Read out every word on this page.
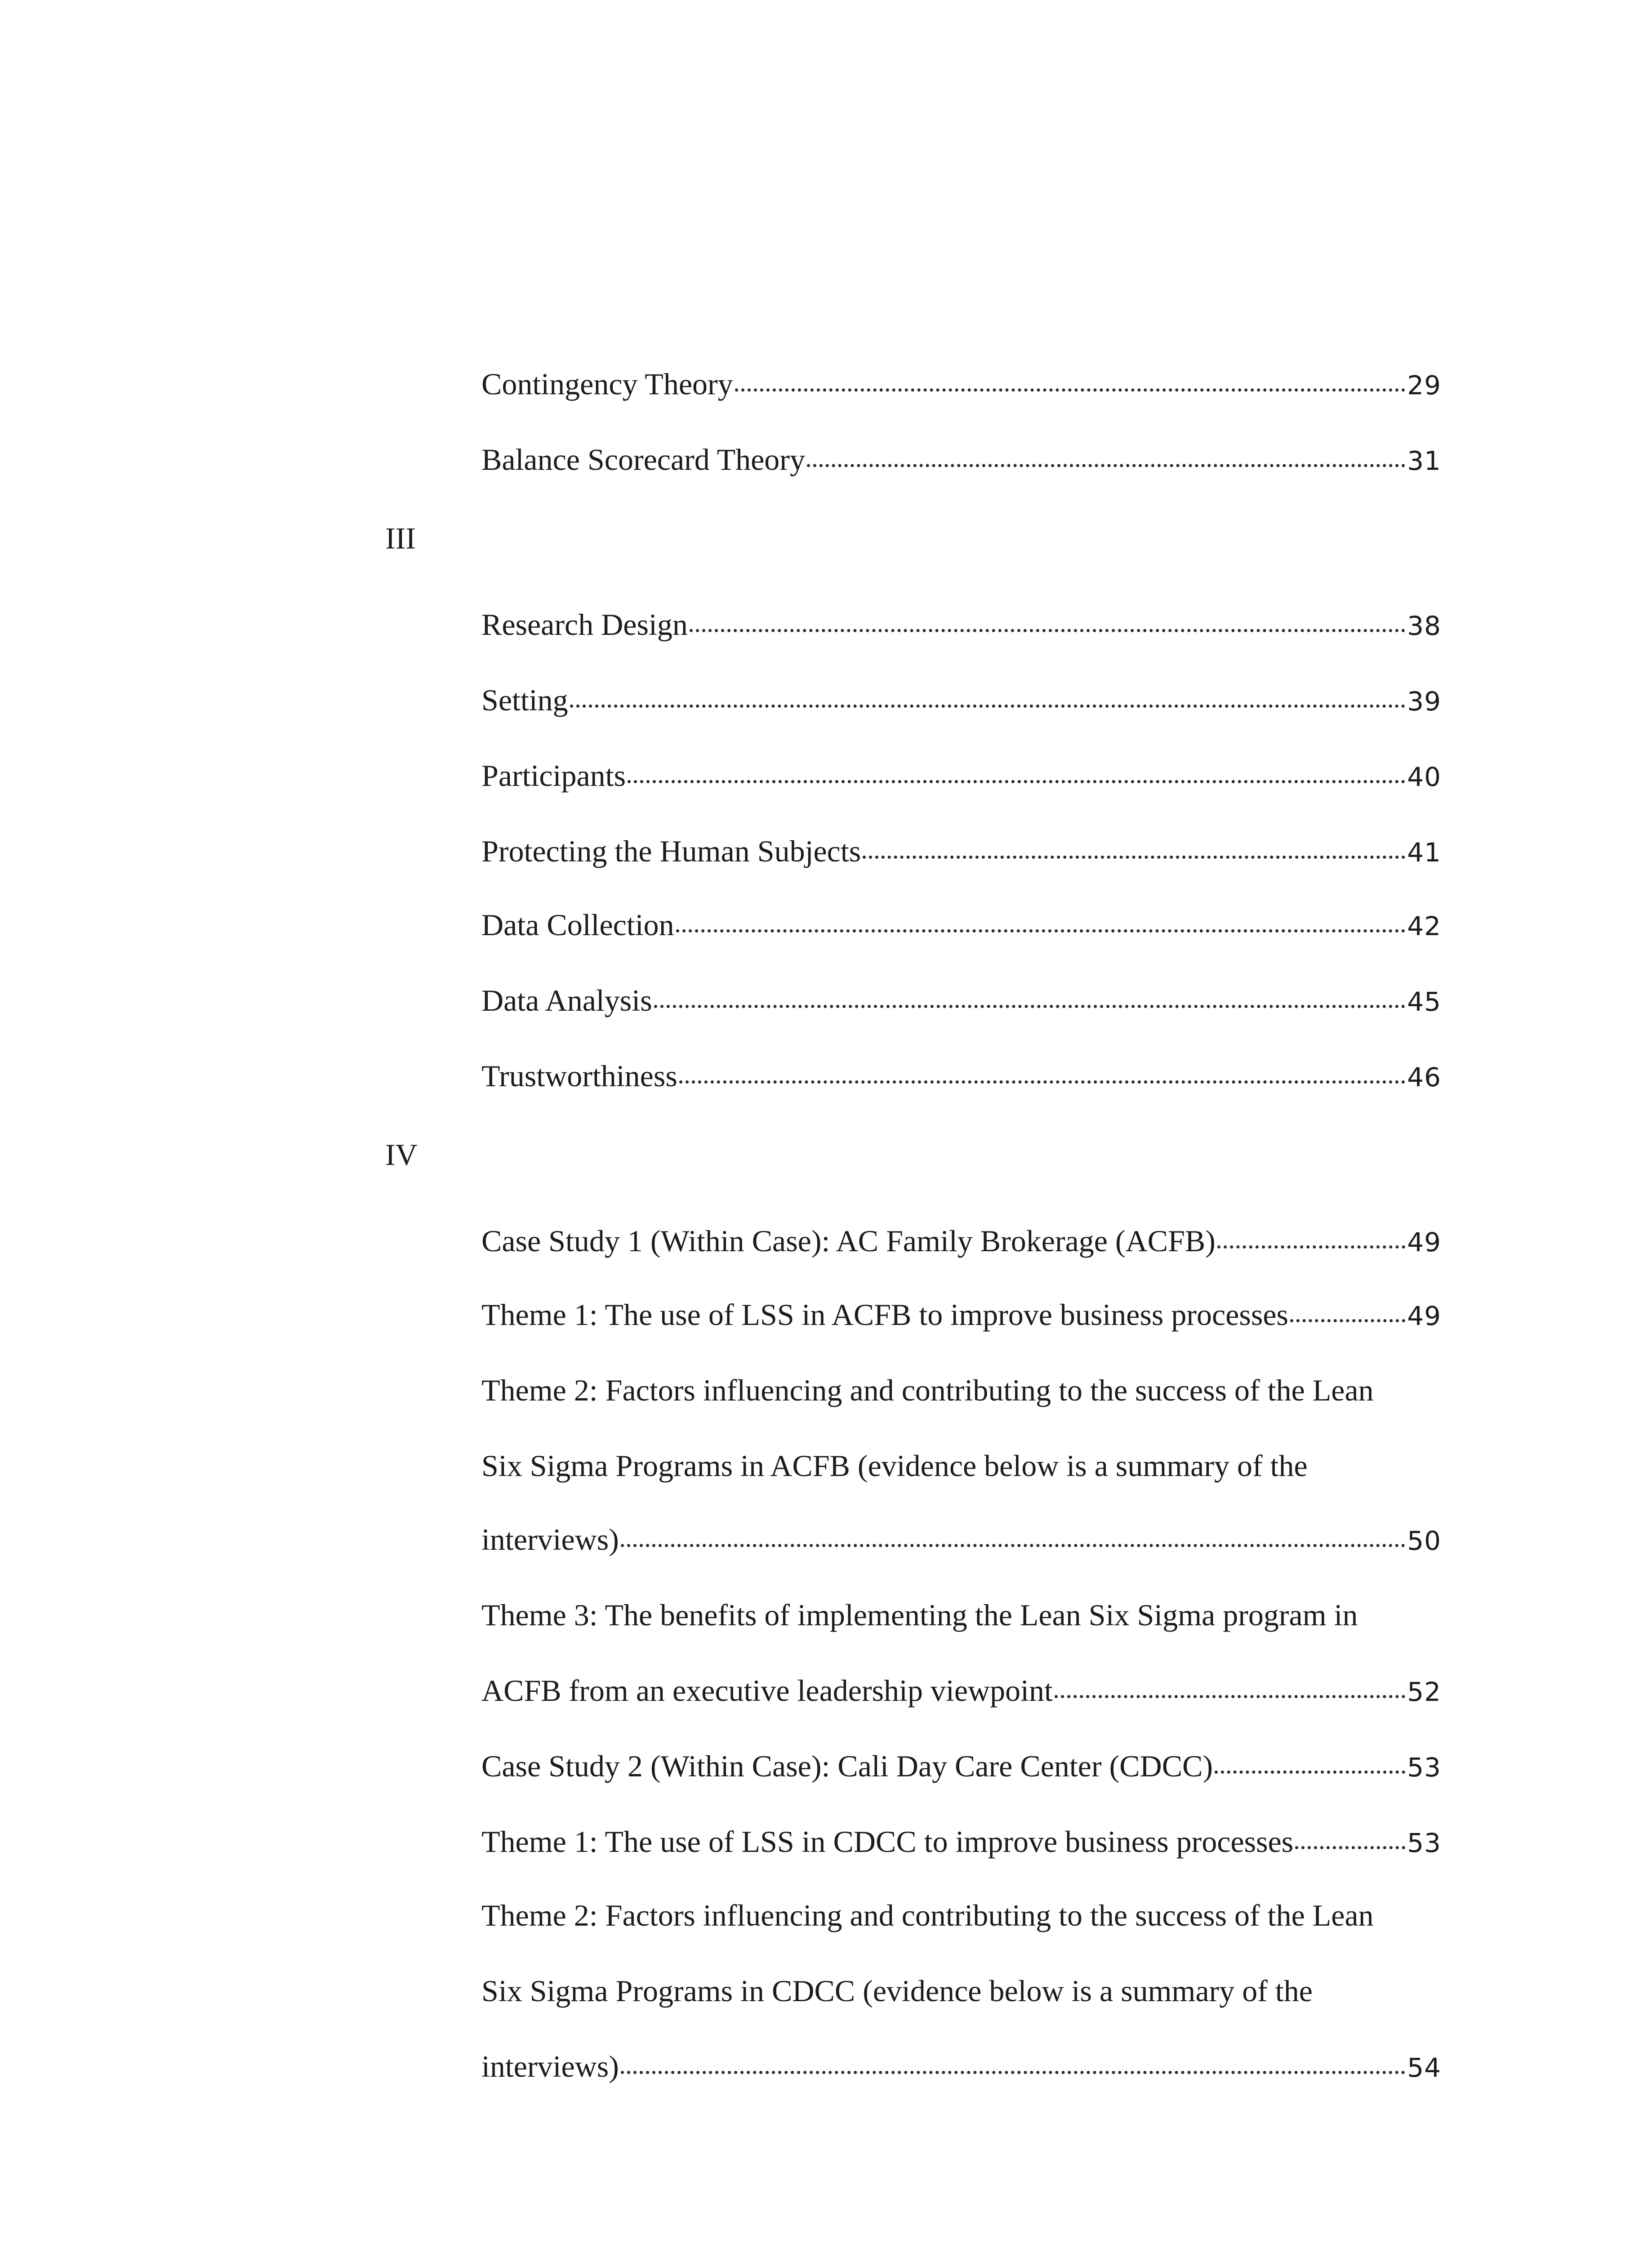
Contingency Theory	29
Balance Scorecard Theory	31
III
Research Design	38
Setting	39
Participants	40
Protecting the Human Subjects	41
Data Collection	42
Data Analysis	45
Trustworthiness	46
IV
Case Study 1 (Within Case): AC Family Brokerage (ACFB)	49
Theme 1: The use of LSS in ACFB to improve business processes	49
Theme 2: Factors influencing and contributing to the success of the Lean
Six Sigma Programs in ACFB (evidence below is a summary of the
interviews)	50
Theme 3: The benefits of implementing the Lean Six Sigma program in
ACFB from an executive leadership viewpoint	52
Case Study 2 (Within Case): Cali Day Care Center (CDCC)	53
Theme 1: The use of LSS in CDCC to improve business processes	53
Theme 2: Factors influencing and contributing to the success of the Lean
Six Sigma Programs in CDCC (evidence below is a summary of the
interviews)	54
